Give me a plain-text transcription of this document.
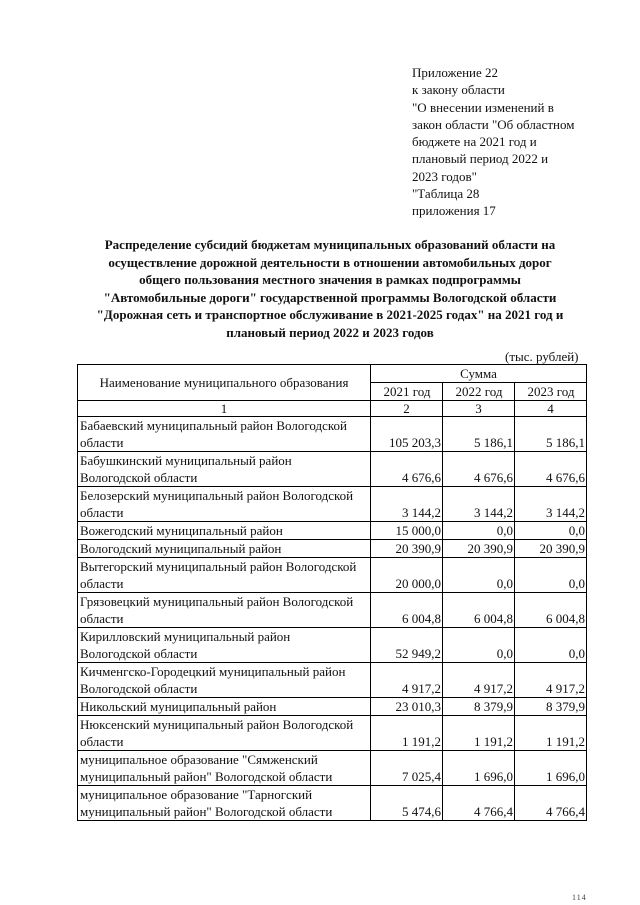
Приложение 22
к закону области
"О внесении изменений в
закон области "Об областном
бюджете на 2021 год и
плановый период 2022 и
2023 годов"
"Таблица 28
приложения 17
Распределение субсидий бюджетам муниципальных образований области на
осуществление дорожной деятельности в отношении автомобильных дорог
общего пользования местного значения в рамках подпрограммы
"Автомобильные дороги" государственной программы Вологодской области
"Дорожная сеть и транспортное обслуживание в 2021-2025 годах" на 2021 год и
плановый период 2022 и 2023 годов
(тыс. рублей)
Наименование муниципального образования	Сумма		
	2021 год	2022 год	2023 год
1	2	3	4

Бабаевский муниципальный район Вологодской
области	105 203,3	5 186,1	5 186,1

Бабушкинский муниципальный район
Вологодской области	4 676,6	4 676,6	4 676,6

Белозерский муниципальный район Вологодской
области	3 144,2	3 144,2	3 144,2

Вожегодский муниципальный район	15 000,0	0,0	0,0

Вологодский муниципальный район	20 390,9	20 390,9	20 390,9

Вытегорский муниципальный район Вологодской
области	20 000,0	0,0	0,0

Грязовецкий муниципальный район Вологодской
области	6 004,8	6 004,8	6 004,8

Кирилловский муниципальный район
Вологодской области	52 949,2	0,0	0,0

Кичменгско-Городецкий муниципальный район
Вологодской области	4 917,2	4 917,2	4 917,2

Никольский муниципальный район	23 010,3	8 379,9	8 379,9

Нюксенский муниципальный район Вологодской
области	1 191,2	1 191,2	1 191,2

муниципальное образование "Сямженский
муниципальный район" Вологодской области	7 025,4	1 696,0	1 696,0

муниципальное образование "Тарногский
муниципальный район" Вологодской области	5 474,6	4 766,4	4 766,4
114
